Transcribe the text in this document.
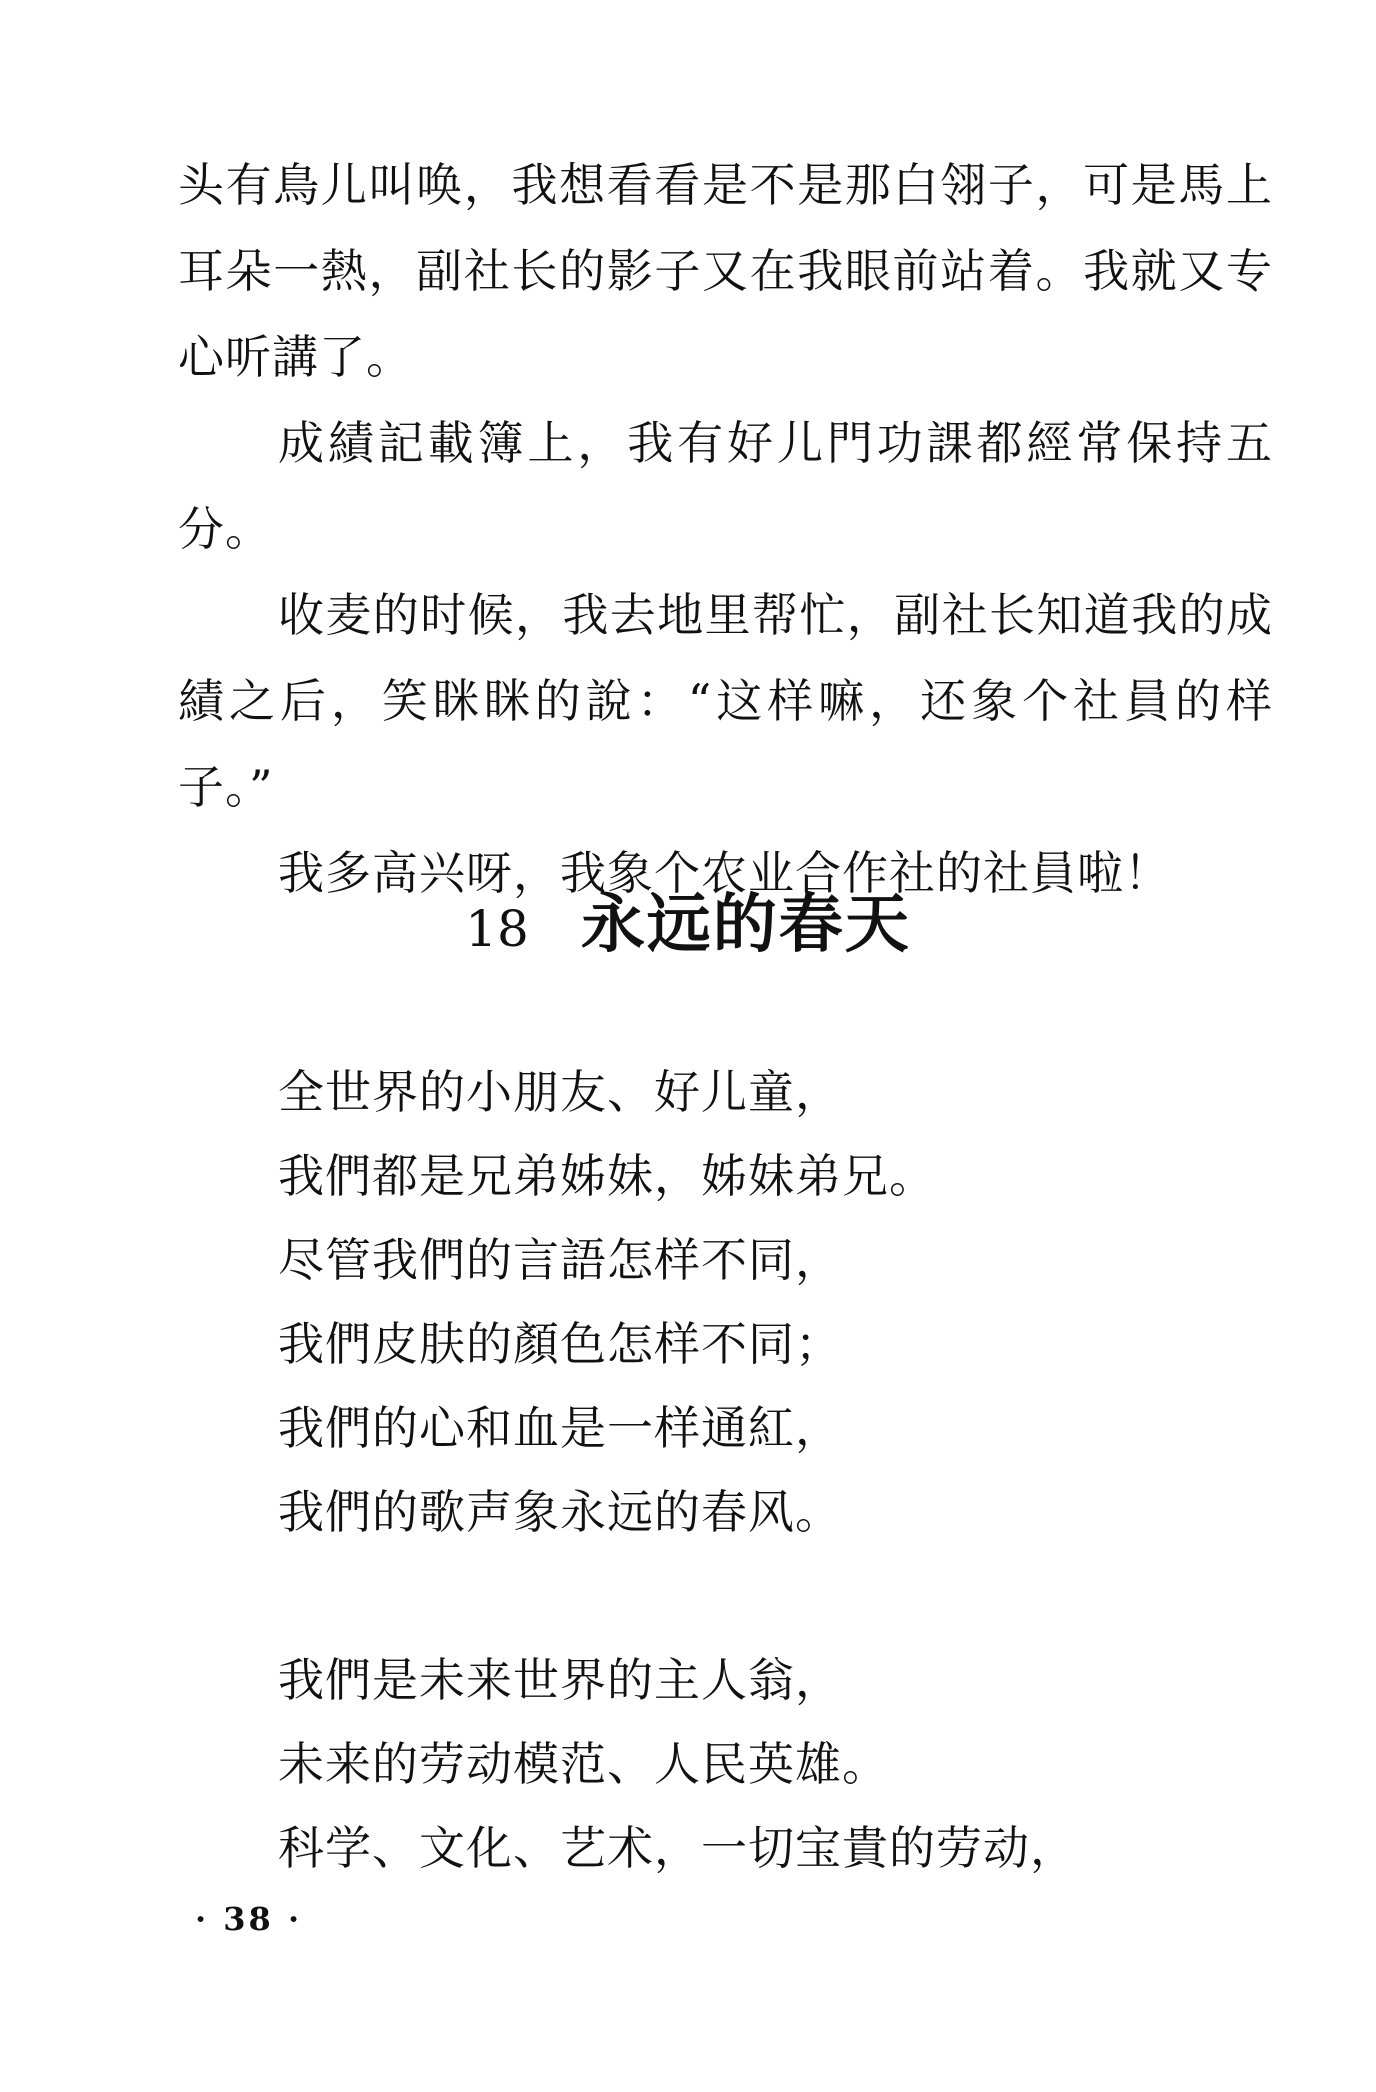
头有鳥儿叫唤，我想看看是不是那白翎子，可是馬上耳朵一熱，副社长的影子又在我眼前站着。我就又专心听講了。

成績記載簿上，我有好儿門功課都經常保持五分。

收麦的时候，我去地里帮忙，副社长知道我的成績之后，笑眯眯的說：“这样嘛，还象个社員的样子。”

我多高兴呀，我象个农业合作社的社員啦！

18 永远的春天
全世界的小朋友、好儿童，
我們都是兄弟姊妹，姊妹弟兄。
尽管我們的言語怎样不同，
我們皮肤的顏色怎样不同；
我們的心和血是一样通紅，
我們的歌声象永远的春风。
我們是未来世界的主人翁，
未来的劳动模范、人民英雄。
科学、文化、艺术，一切宝貴的劳动，
· 38 ·
